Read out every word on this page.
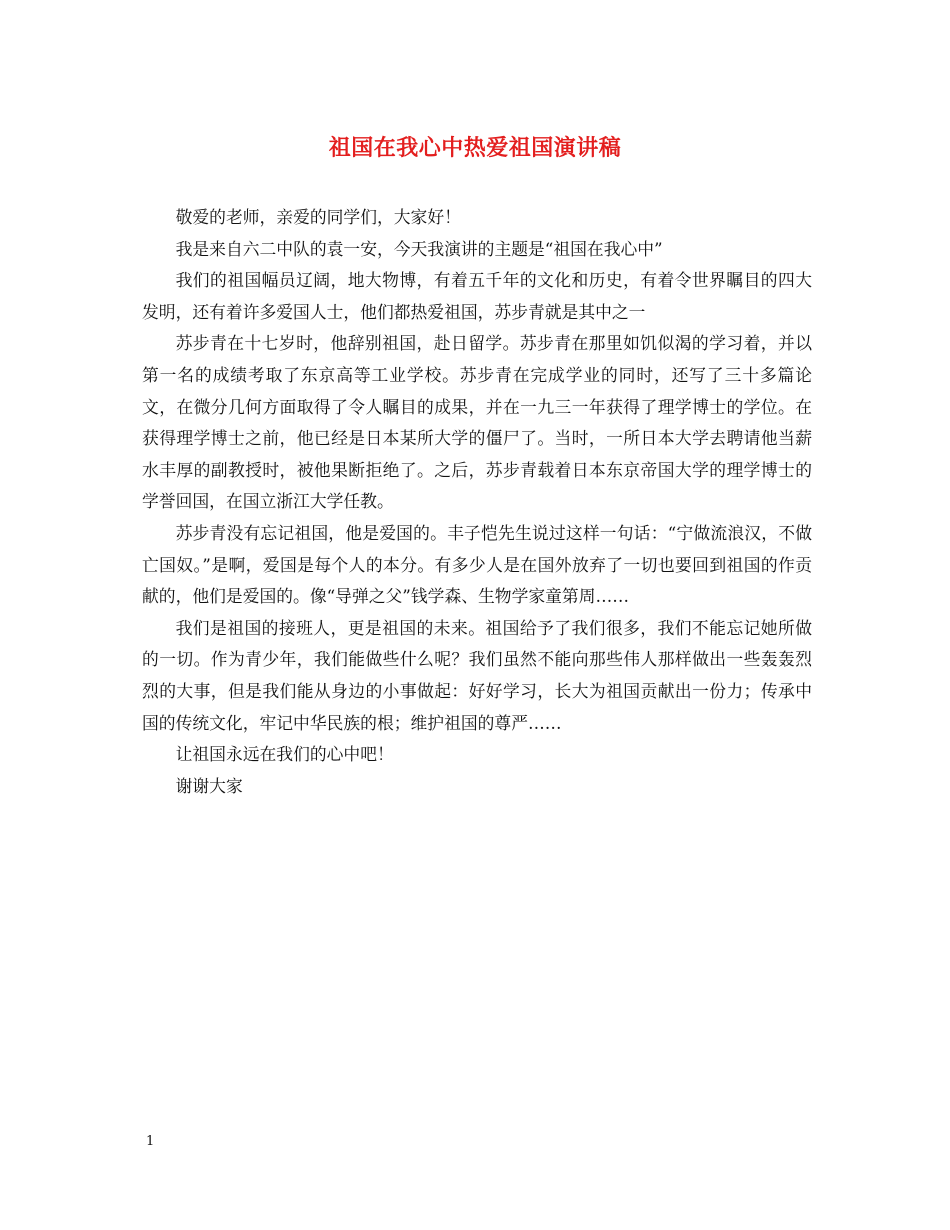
祖国在我心中热爱祖国演讲稿

敬爱的老师，亲爱的同学们，大家好！

我是来自六二中队的袁一安，今天我演讲的主题是“祖国在我心中”

我们的祖国幅员辽阔，地大物博，有着五千年的文化和历史，有着令世界瞩目的四大发明，还有着许多爱国人士，他们都热爱祖国，苏步青就是其中之一

苏步青在十七岁时，他辞别祖国，赴日留学。苏步青在那里如饥似渴的学习着，并以第一名的成绩考取了东京高等工业学校。苏步青在完成学业的同时，还写了三十多篇论文，在微分几何方面取得了令人瞩目的成果，并在一九三一年获得了理学博士的学位。在获得理学博士之前，他已经是日本某所大学的僵尸了。当时，一所日本大学去聘请他当薪水丰厚的副教授时，被他果断拒绝了。之后，苏步青载着日本东京帝国大学的理学博士的学誉回国，在国立浙江大学任教。

苏步青没有忘记祖国，他是爱国的。丰子恺先生说过这样一句话：“宁做流浪汉，不做亡国奴。”是啊，爱国是每个人的本分。有多少人是在国外放弃了一切也要回到祖国的作贡献的，他们是爱国的。像“导弹之父”钱学森、生物学家童第周……

我们是祖国的接班人，更是祖国的未来。祖国给予了我们很多，我们不能忘记她所做的一切。作为青少年，我们能做些什么呢？我们虽然不能向那些伟人那样做出一些轰轰烈烈的大事，但是我们能从身边的小事做起：好好学习，长大为祖国贡献出一份力；传承中国的传统文化，牢记中华民族的根；维护祖国的尊严……

让祖国永远在我们的心中吧！

谢谢大家

1
